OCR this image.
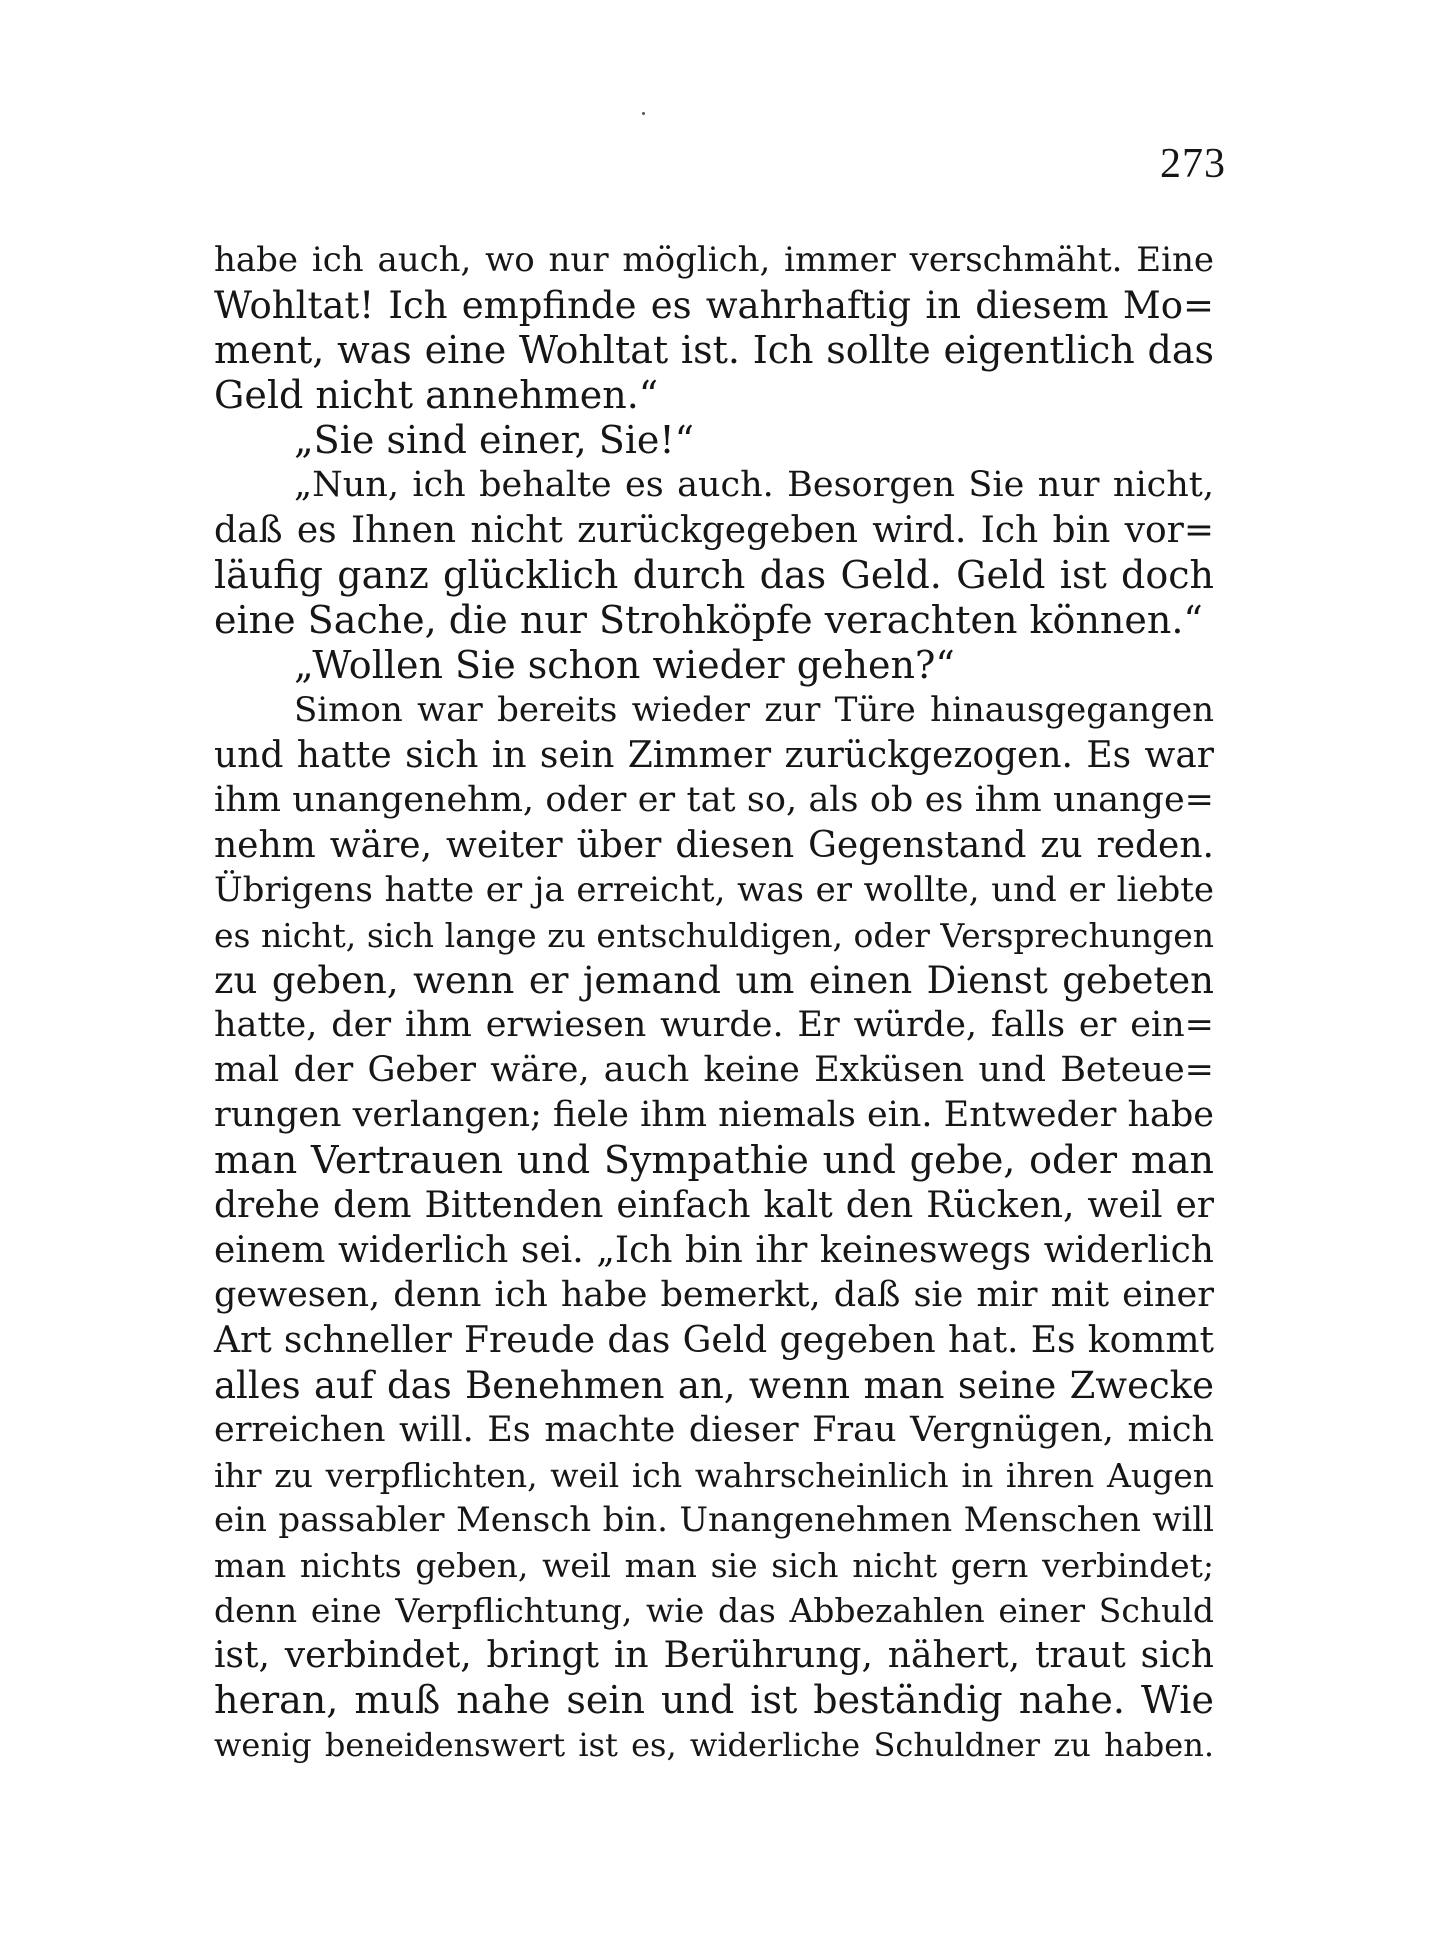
273
habe ich auch, wo nur möglich, immer verschmäht. Eine
Wohltat! Ich empfinde es wahrhaftig in diesem Mo=
ment, was eine Wohltat ist. Ich sollte eigentlich das
Geld nicht annehmen.“
„Sie sind einer, Sie!“
„Nun, ich behalte es auch. Besorgen Sie nur nicht,
daß es Ihnen nicht zurückgegeben wird. Ich bin vor=
läufig ganz glücklich durch das Geld. Geld ist doch
eine Sache, die nur Strohköpfe verachten können.“
„Wollen Sie schon wieder gehen?“
Simon war bereits wieder zur Türe hinausgegangen
und hatte sich in sein Zimmer zurückgezogen. Es war
ihm unangenehm, oder er tat so, als ob es ihm unange=
nehm wäre, weiter über diesen Gegenstand zu reden.
Übrigens hatte er ja erreicht, was er wollte, und er liebte
es nicht, sich lange zu entschuldigen, oder Versprechungen
zu geben, wenn er jemand um einen Dienst gebeten
hatte, der ihm erwiesen wurde. Er würde, falls er ein=
mal der Geber wäre, auch keine Exküsen und Beteue=
rungen verlangen; fiele ihm niemals ein. Entweder habe
man Vertrauen und Sympathie und gebe, oder man
drehe dem Bittenden einfach kalt den Rücken, weil er
einem widerlich sei. „Ich bin ihr keineswegs widerlich
gewesen, denn ich habe bemerkt, daß sie mir mit einer
Art schneller Freude das Geld gegeben hat. Es kommt
alles auf das Benehmen an, wenn man seine Zwecke
erreichen will. Es machte dieser Frau Vergnügen, mich
ihr zu verpflichten, weil ich wahrscheinlich in ihren Augen
ein passabler Mensch bin. Unangenehmen Menschen will
man nichts geben, weil man sie sich nicht gern verbindet;
denn eine Verpflichtung, wie das Abbezahlen einer Schuld
ist, verbindet, bringt in Berührung, nähert, traut sich
heran, muß nahe sein und ist beständig nahe. Wie
wenig beneidenswert ist es, widerliche Schuldner zu haben.
